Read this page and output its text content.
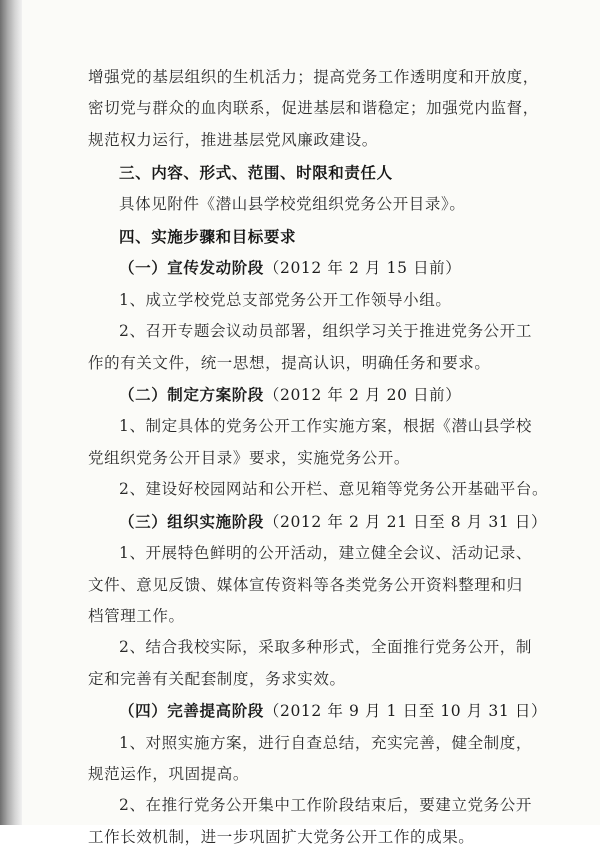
增强党的基层组织的生机活力；提高党务工作透明度和开放度，
密切党与群众的血肉联系，促进基层和谐稳定；加强党内监督，
规范权力运行，推进基层党风廉政建设。
三、内容、形式、范围、时限和责任人
具体见附件《潜山县学校党组织党务公开目录》。
四、实施步骤和目标要求
（一）宣传发动阶段（2012 年 2 月 15 日前）
1、成立学校党总支部党务公开工作领导小组。
2、召开专题会议动员部署，组织学习关于推进党务公开工
作的有关文件，统一思想，提高认识，明确任务和要求。
（二）制定方案阶段（2012 年 2 月 20 日前）
1、制定具体的党务公开工作实施方案，根据《潜山县学校
党组织党务公开目录》要求，实施党务公开。
2、建设好校园网站和公开栏、意见箱等党务公开基础平台。
（三）组织实施阶段（2012 年 2 月 21 日至 8 月 31 日）
1、开展特色鲜明的公开活动，建立健全会议、活动记录、
文件、意见反馈、媒体宣传资料等各类党务公开资料整理和归
档管理工作。
2、结合我校实际，采取多种形式，全面推行党务公开，制
定和完善有关配套制度，务求实效。
（四）完善提高阶段（2012 年 9 月 1 日至 10 月 31 日）
1、对照实施方案，进行自查总结，充实完善，健全制度，
规范运作，巩固提高。
2、在推行党务公开集中工作阶段结束后，要建立党务公开
工作长效机制，进一步巩固扩大党务公开工作的成果。
